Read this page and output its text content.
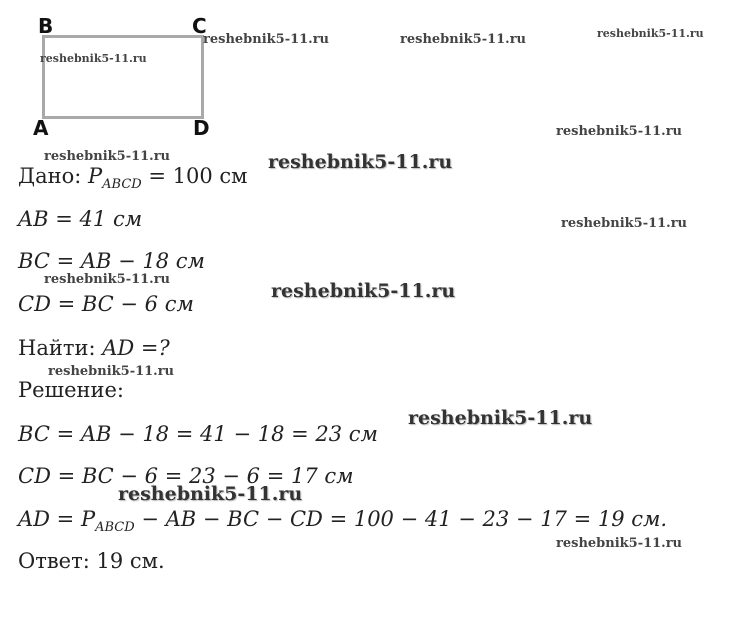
B	C
A	D
Дано: $P_{ABCD} = 100$ см
AB = 41 см
BC = AB − 18 см
CD = BC − 6 см
Найти: AD =?
Решение:
BC = AB − 18 = 41 − 18 = 23 см
CD = BC − 6 = 23 − 6 = 17 см
AD = $P_{ABCD}$ − AB − BC − CD = 100 − 41 − 23 − 17 = 19 см.
Ответ: 19 см.
reshebnik5-11.ru
reshebnik5-11.ru	reshebnik5-11.ru	reshebnik5-11.ru
reshebnik5-11.ru
reshebnik5-11.ru	reshebnik5-11.ru
reshebnik5-11.ru
reshebnik5-11.ru
reshebnik5-11.ru
reshebnik5-11.ru
reshebnik5-11.ru
reshebnik5-11.ru
reshebnik5-11.ru
